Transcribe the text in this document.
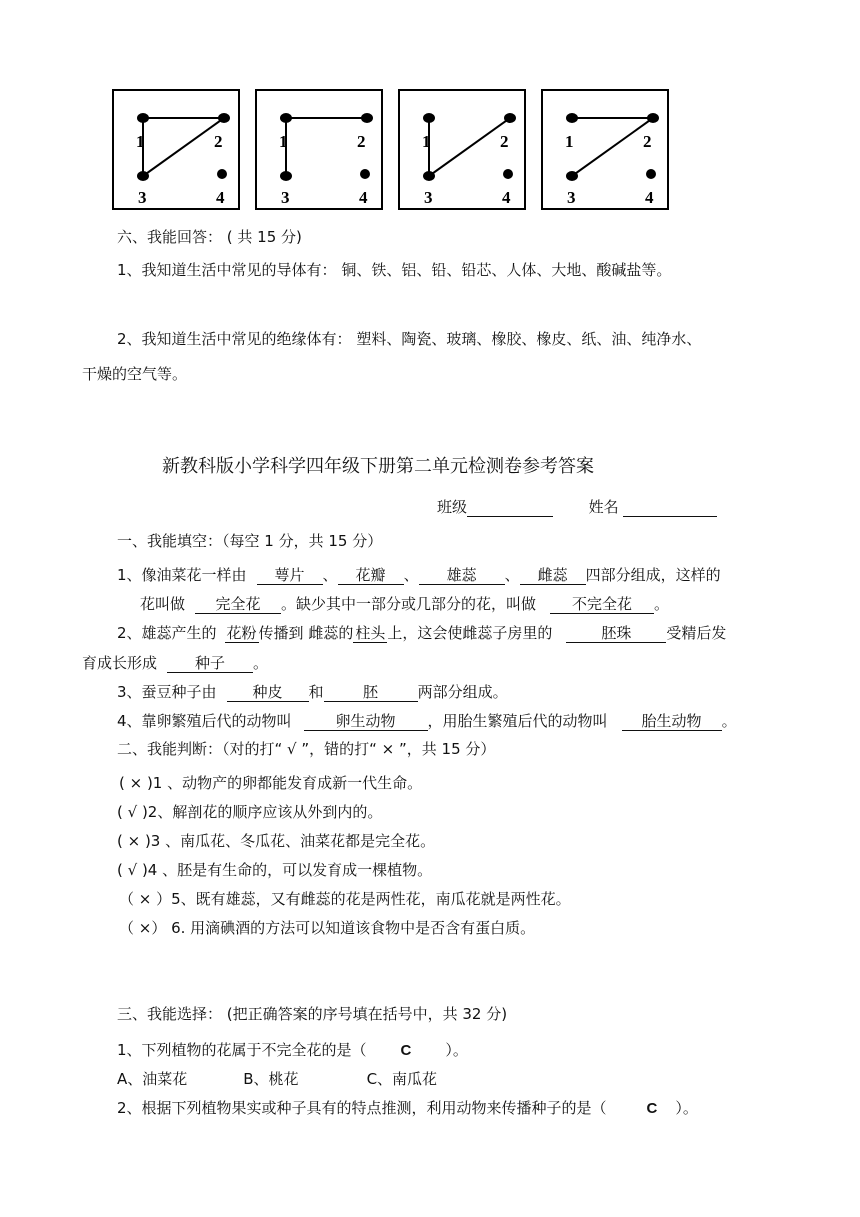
1	2
3	4
1	2
3	4
1	2
3	4
1	2
3	4
六、我能回答： ( 共 15 分)
1、我知道生活中常见的导体有： 铜、铁、铝、铅、铅芯、人体、大地、酸碱盐等。
2、我知道生活中常见的绝缘体有： 塑料、陶瓷、玻璃、橡胶、橡皮、纸、油、纯净水、
干燥的空气等。
新教科版小学科学四年级下册第二单元检测卷参考答案
班级	姓名
一、我能填空：（每空 1 分，共 15 分）
1、像油菜花一样由 萼片 、 花瓣 、 雄蕊 、 雌蕊 四部分组成，这样的
花叫做 完全花 。缺少其中一部分或几部分的花，叫做 不完全花 。
2、雄蕊产生的 花粉 传播到 雌蕊的 柱头 上，这会使雌蕊子房里的	胚珠 受精后发
育成长形成	种子 。
3、蚕豆种子由 种皮 和	胚	两部分组成。
4、靠卵繁殖后代的动物叫	卵生动物 ，用胎生繁殖后代的动物叫 胎生动物 。
二、我能判断：（对的打“ √ ”，错的打“ × ”，共 15 分）
( × )1 、动物产的卵都能发育成新一代生命。
( √ )2、解剖花的顺序应该从外到内的。
( × )3 、南瓜花、冬瓜花、油菜花都是完全花。
( √ )4 、胚是有生命的，可以发育成一棵植物。
（ × ）5、既有雄蕊，又有雌蕊的花是两性花，南瓜花就是两性花。
（ ×） 6. 用滴碘酒的方法可以知道该食物中是否含有蛋白质。
三、我能选择： (把正确答案的序号填在括号中，共 32 分)
1、下列植物的花属于不完全花的是（ C ）。
A、油菜花	B、桃花	C、南瓜花
2、根据下列植物果实或种子具有的特点推测，利用动物来传播种子的是（	C ）。
